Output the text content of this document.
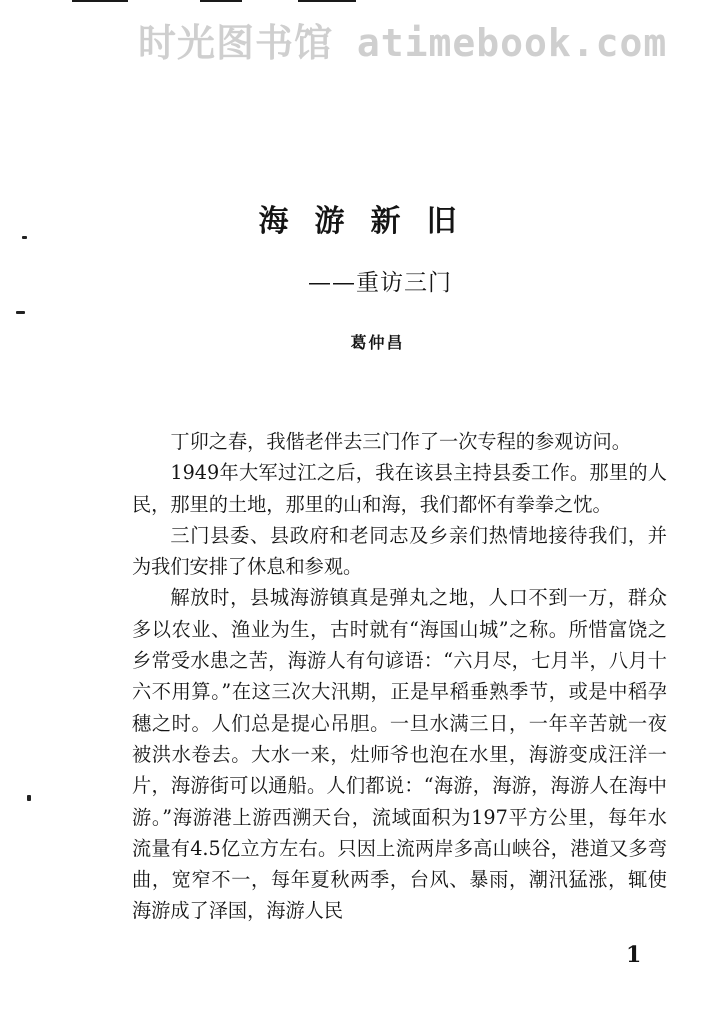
时光图书馆 atimebook.com
海游新旧
——重访三门
葛仲昌

丁卯之春，我偕老伴去三门作了一次专程的参观访问。

1949年大军过江之后，我在该县主持县委工作。那里的人民，那里的土地，那里的山和海，我们都怀有拳拳之忱。

三门县委、县政府和老同志及乡亲们热情地接待我们，并为我们安排了休息和参观。

解放时，县城海游镇真是弹丸之地，人口不到一万，群众多以农业、渔业为生，古时就有“海国山城”之称。所惜富饶之乡常受水患之苦，海游人有句谚语：“六月尽，七月半，八月十六不用算。”在这三次大汛期，正是早稻垂熟季节，或是中稻孕穗之时。人们总是提心吊胆。一旦水满三日，一年辛苦就一夜被洪水卷去。大水一来，灶师爷也泡在水里，海游变成汪洋一片，海游街可以通船。人们都说：“海游，海游，海游人在海中游。”海游港上游西溯天台，流域面积为197平方公里，每年水流量有4.5亿立方左右。只因上流两岸多高山峡谷，港道又多弯曲，宽窄不一，每年夏秋两季，台风、暴雨，潮汛猛涨，辄使海游成了泽国，海游人民

1
